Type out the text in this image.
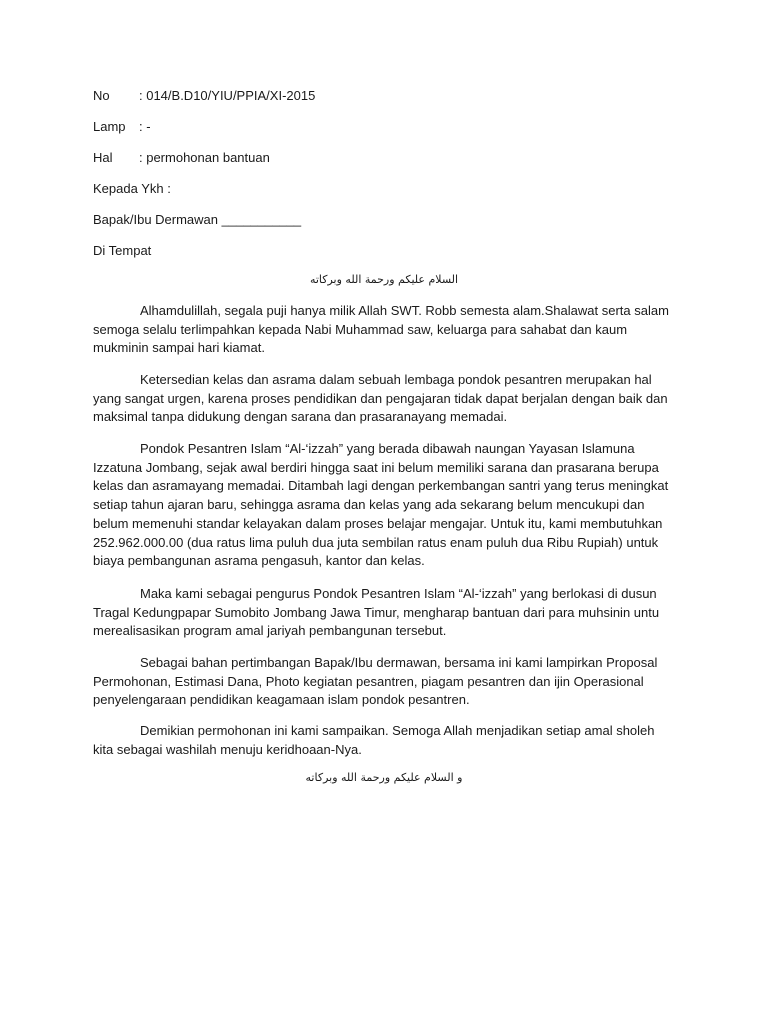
No : 014/B.D10/YIU/PPIA/XI-2015
Lamp : -
Hal : permohonan bantuan
Kepada Ykh :
Bapak/Ibu Dermawan ___________
Di Tempat
السلام عليكم ورحمة الله وبركاته

Alhamdulillah, segala puji hanya milik Allah SWT. Robb semesta alam.Shalawat serta salam semoga selalu terlimpahkan kepada Nabi Muhammad saw, keluarga para sahabat dan kaum mukminin sampai hari kiamat.

Ketersedian kelas dan asrama dalam sebuah lembaga pondok pesantren merupakan hal yang sangat urgen, karena proses pendidikan dan pengajaran tidak dapat berjalan dengan baik dan maksimal tanpa didukung dengan sarana dan prasaranayang memadai.

Pondok Pesantren Islam “Al-‘izzah” yang berada dibawah naungan Yayasan Islamuna Izzatuna Jombang, sejak awal berdiri hingga saat ini belum memiliki sarana dan prasarana berupa kelas dan asramayang memadai. Ditambah lagi dengan perkembangan santri yang terus meningkat setiap tahun ajaran baru, sehingga asrama dan kelas yang ada sekarang belum mencukupi dan belum memenuhi standar kelayakan dalam proses belajar mengajar. Untuk itu, kami membutuhkan 252.962.000.00 (dua ratus lima puluh dua juta sembilan ratus enam puluh dua Ribu Rupiah) untuk biaya pembangunan asrama pengasuh, kantor dan kelas.

Maka kami sebagai pengurus Pondok Pesantren Islam “Al-‘izzah” yang berlokasi di dusun Tragal Kedungpapar Sumobito Jombang Jawa Timur, mengharap bantuan dari para muhsinin untu merealisasikan program amal jariyah pembangunan tersebut.

Sebagai bahan pertimbangan Bapak/Ibu dermawan, bersama ini kami lampirkan Proposal Permohonan, Estimasi Dana, Photo kegiatan pesantren, piagam pesantren dan ijin Operasional penyelengaraan pendidikan keagamaan islam pondok pesantren.

Demikian permohonan ini kami sampaikan. Semoga Allah menjadikan setiap amal sholeh kita sebagai washilah menuju keridhoaan-Nya.

و السلام عليكم ورحمة الله وبركاته
